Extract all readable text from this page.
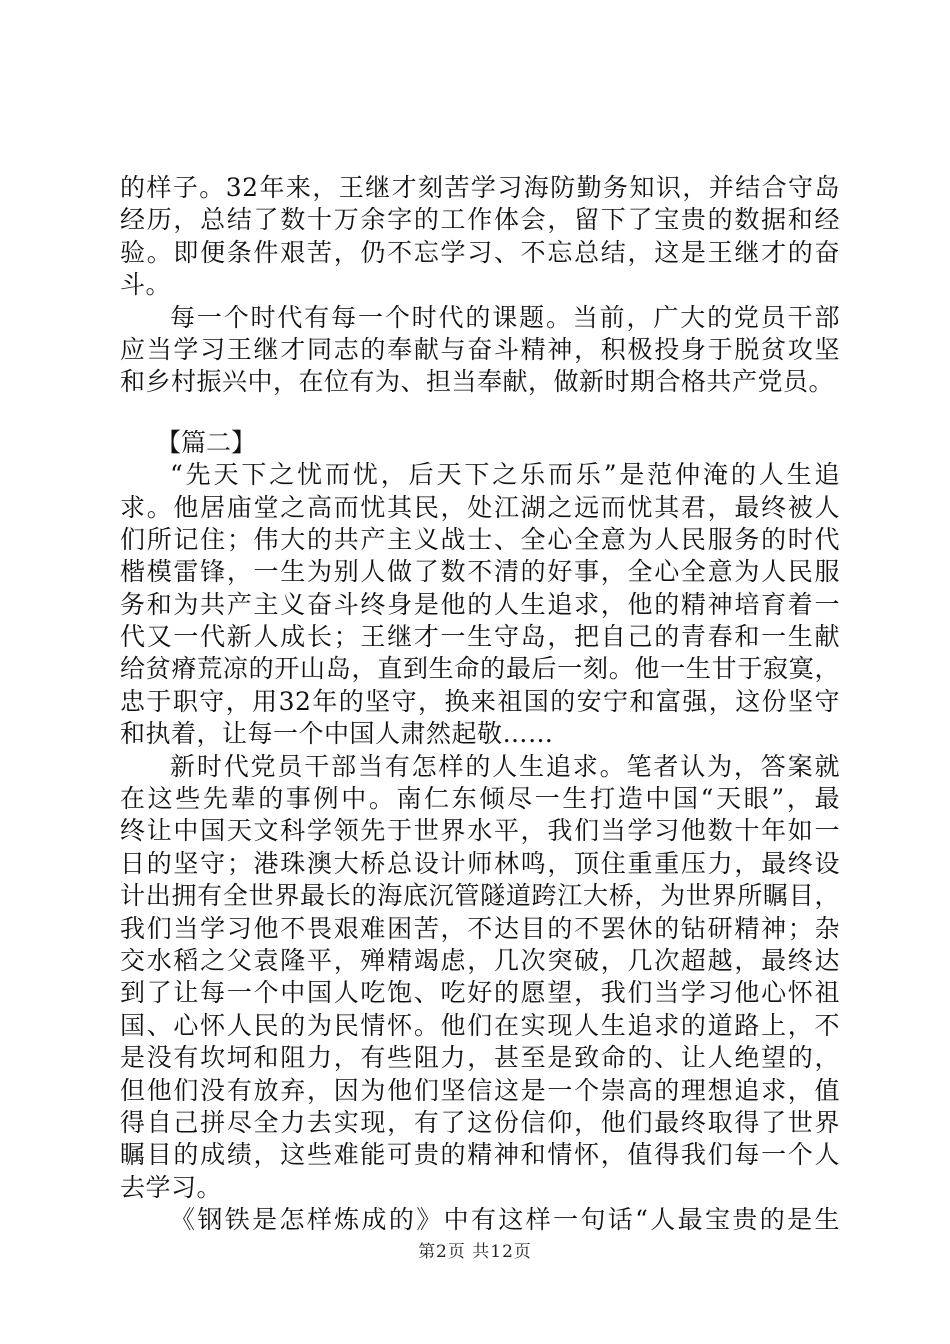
的样子。32年来，王继才刻苦学习海防勤务知识，并结合守岛
经历，总结了数十万余字的工作体会，留下了宝贵的数据和经
验。即便条件艰苦，仍不忘学习、不忘总结，这是王继才的奋
斗。
每一个时代有每一个时代的课题。当前，广大的党员干部
应当学习王继才同志的奉献与奋斗精神，积极投身于脱贫攻坚
和乡村振兴中，在位有为、担当奉献，做新时期合格共产党员。
【篇二】
“先天下之忧而忧，后天下之乐而乐”是范仲淹的人生追
求。他居庙堂之高而忧其民，处江湖之远而忧其君，最终被人
们所记住；伟大的共产主义战士、全心全意为人民服务的时代
楷模雷锋，一生为别人做了数不清的好事，全心全意为人民服
务和为共产主义奋斗终身是他的人生追求，他的精神培育着一
代又一代新人成长；王继才一生守岛，把自己的青春和一生献
给贫瘠荒凉的开山岛，直到生命的最后一刻。他一生甘于寂寞，
忠于职守，用32年的坚守，换来祖国的安宁和富强，这份坚守
和执着，让每一个中国人肃然起敬……
新时代党员干部当有怎样的人生追求。笔者认为，答案就
在这些先辈的事例中。南仁东倾尽一生打造中国“天眼”，最
终让中国天文科学领先于世界水平，我们当学习他数十年如一
日的坚守；港珠澳大桥总设计师林鸣，顶住重重压力，最终设
计出拥有全世界最长的海底沉管隧道跨江大桥，为世界所瞩目，
我们当学习他不畏艰难困苦，不达目的不罢休的钻研精神；杂
交水稻之父袁隆平，殚精竭虑，几次突破，几次超越，最终达
到了让每一个中国人吃饱、吃好的愿望，我们当学习他心怀祖
国、心怀人民的为民情怀。他们在实现人生追求的道路上，不
是没有坎坷和阻力，有些阻力，甚至是致命的、让人绝望的，
但他们没有放弃，因为他们坚信这是一个崇高的理想追求，值
得自己拼尽全力去实现，有了这份信仰，他们最终取得了世界
瞩目的成绩，这些难能可贵的精神和情怀，值得我们每一个人
去学习。
《钢铁是怎样炼成的》中有这样一句话“人最宝贵的是生
第2页 共12页
